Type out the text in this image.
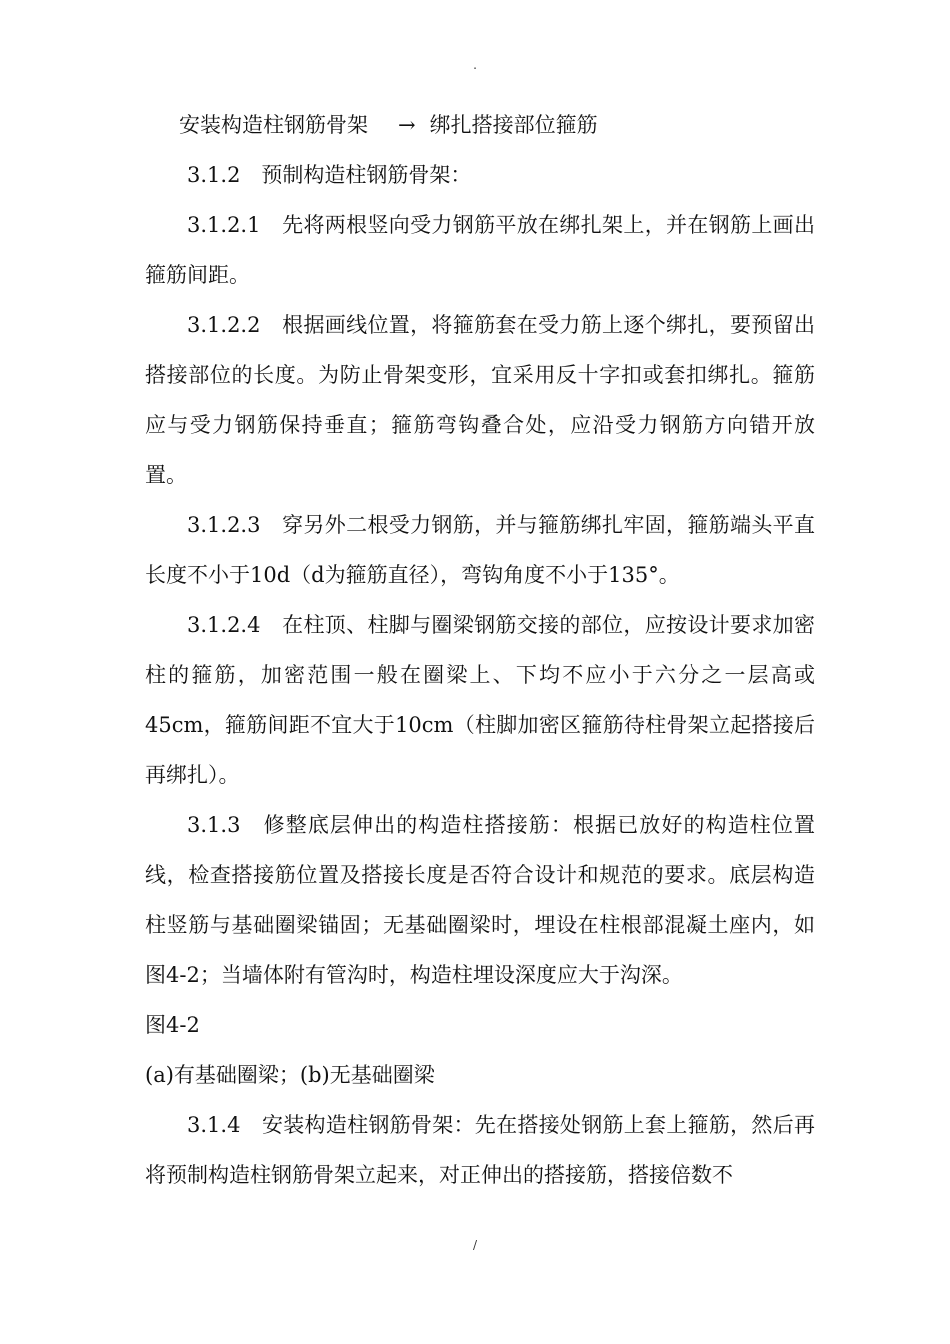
.

安装构造柱钢筋骨架 → 绑扎搭接部位箍筋

3.1.2　预制构造柱钢筋骨架：

3.1.2.1　先将两根竖向受力钢筋平放在绑扎架上，并在钢筋上画出箍筋间距。

3.1.2.2　根据画线位置，将箍筋套在受力筋上逐个绑扎，要预留出搭接部位的长度。为防止骨架变形，宜采用反十字扣或套扣绑扎。箍筋应与受力钢筋保持垂直；箍筋弯钩叠合处，应沿受力钢筋方向错开放置。

3.1.2.3　穿另外二根受力钢筋，并与箍筋绑扎牢固，箍筋端头平直长度不小于10d（d为箍筋直径），弯钩角度不小于135°。

3.1.2.4　在柱顶、柱脚与圈梁钢筋交接的部位，应按设计要求加密柱的箍筋，加密范围一般在圈梁上、下均不应小于六分之一层高或45cm，箍筋间距不宜大于10cm（柱脚加密区箍筋待柱骨架立起搭接后再绑扎）。

3.1.3　修整底层伸出的构造柱搭接筋：根据已放好的构造柱位置线，检查搭接筋位置及搭接长度是否符合设计和规范的要求。底层构造柱竖筋与基础圈梁锚固；无基础圈梁时，埋设在柱根部混凝土座内，如图4-2；当墙体附有管沟时，构造柱埋设深度应大于沟深。

图4-2

(a)有基础圈梁；(b)无基础圈梁

3.1.4　安装构造柱钢筋骨架：先在搭接处钢筋上套上箍筋，然后再将预制构造柱钢筋骨架立起来，对正伸出的搭接筋，搭接倍数不

/
